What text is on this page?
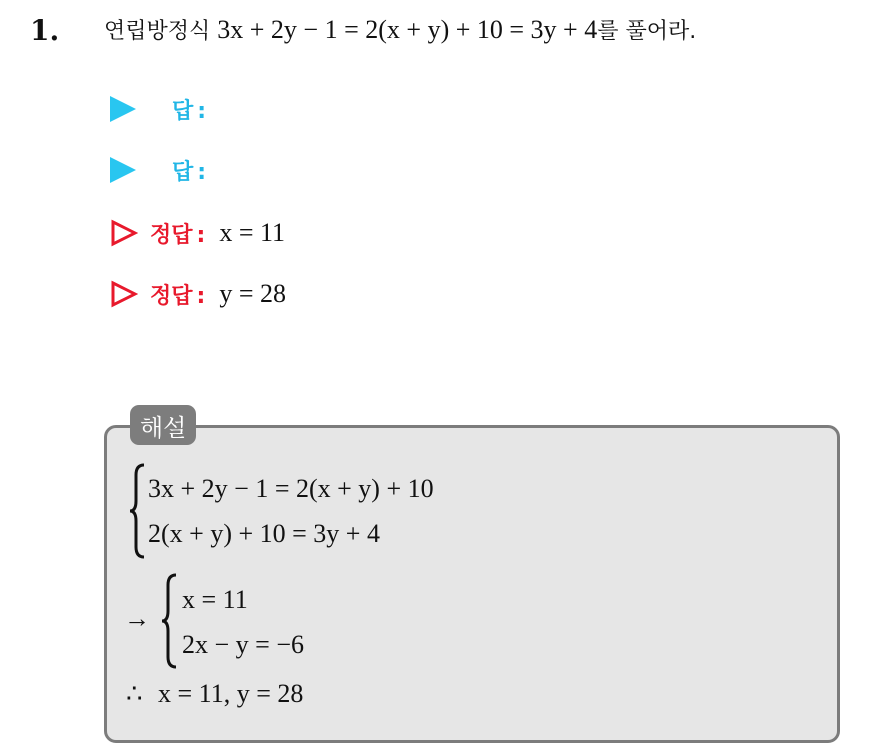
1. 연립방정식 3x + 2y − 1 = 2(x + y) + 10 = 3y + 4를 풀어라.
답 :
답 :
정답 : x = 11
정답 : y = 28
해설
3x + 2y − 1 = 2(x + y) + 10
2(x + y) + 10 = 3y + 4
→
x = 11
2x − y = −6
∴ x = 11, y = 28
